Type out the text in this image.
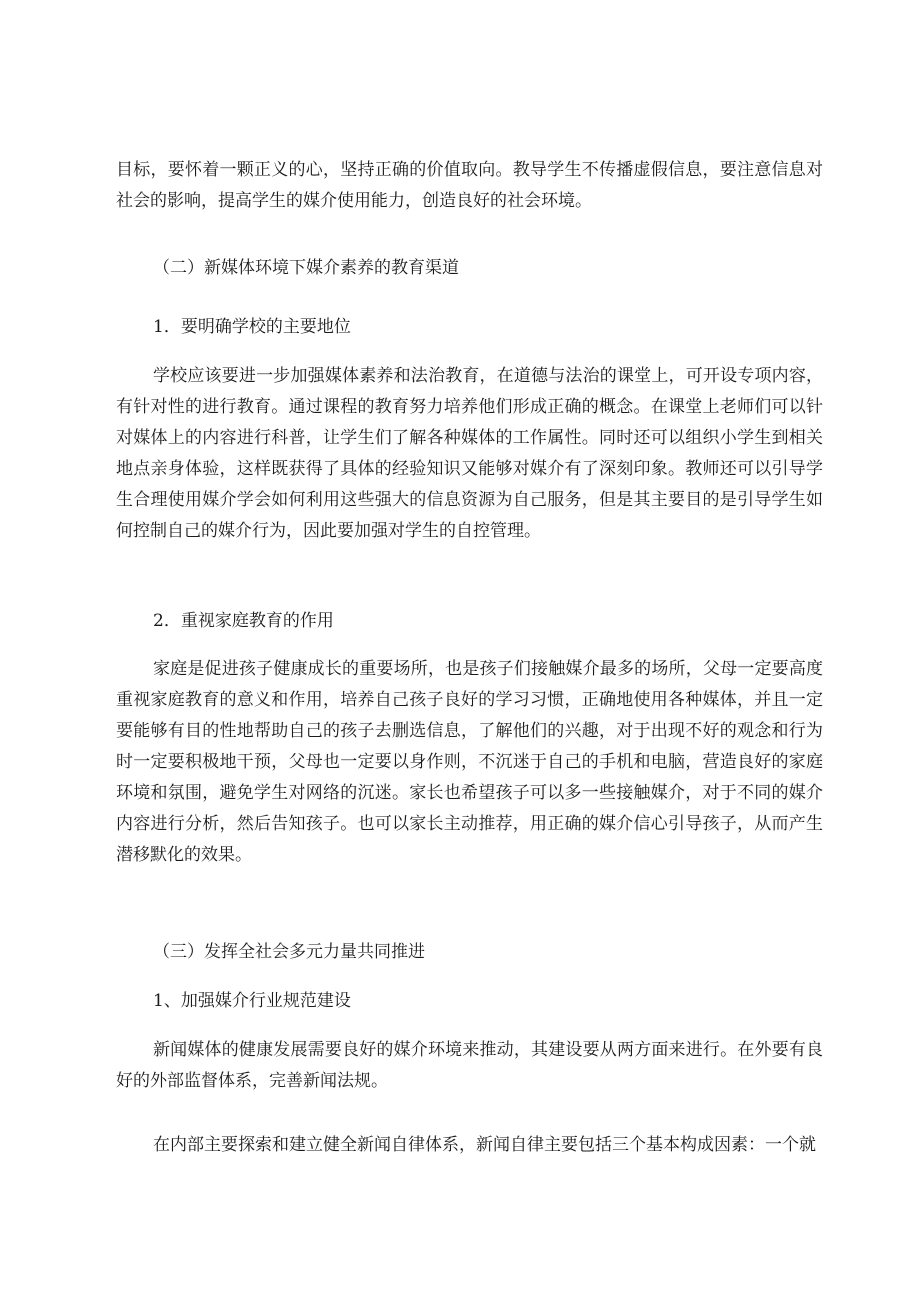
目标，要怀着一颗正义的心，坚持正确的价值取向。教导学生不传播虚假信息，要注意信息对社会的影响，提高学生的媒介使用能力，创造良好的社会环境。

（二）新媒体环境下媒介素养的教育渠道

1．要明确学校的主要地位

学校应该要进一步加强媒体素养和法治教育，在道德与法治的课堂上，可开设专项内容，有针对性的进行教育。通过课程的教育努力培养他们形成正确的概念。在课堂上老师们可以针对媒体上的内容进行科普，让学生们了解各种媒体的工作属性。同时还可以组织小学生到相关地点亲身体验，这样既获得了具体的经验知识又能够对媒介有了深刻印象。教师还可以引导学生合理使用媒介学会如何利用这些强大的信息资源为自己服务，但是其主要目的是引导学生如何控制自己的媒介行为，因此要加强对学生的自控管理。

2．重视家庭教育的作用

家庭是促进孩子健康成长的重要场所，也是孩子们接触媒介最多的场所，父母一定要高度重视家庭教育的意义和作用，培养自己孩子良好的学习习惯，正确地使用各种媒体，并且一定要能够有目的性地帮助自己的孩子去删选信息，了解他们的兴趣，对于出现不好的观念和行为时一定要积极地干预，父母也一定要以身作则，不沉迷于自己的手机和电脑，营造良好的家庭环境和氛围，避免学生对网络的沉迷。家长也希望孩子可以多一些接触媒介，对于不同的媒介内容进行分析，然后告知孩子。也可以家长主动推荐，用正确的媒介信心引导孩子，从而产生潜移默化的效果。

（三）发挥全社会多元力量共同推进

1、加强媒介行业规范建设

新闻媒体的健康发展需要良好的媒介环境来推动，其建设要从两方面来进行。在外要有良好的外部监督体系，完善新闻法规。

在内部主要探索和建立健全新闻自律体系，新闻自律主要包括三个基本构成因素：一个就
